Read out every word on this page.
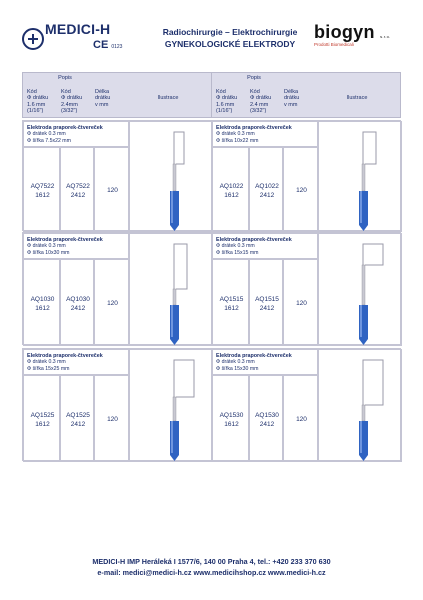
MEDICI-H
CE 0123
Radiochirurgie – Elektrochirurgie
GYNEKOLOGICKÉ ELEKTRODY
biogyn s.r.o.
Prodotti Biomedicali
Popis
Kód
Φ drátku
1.6 mm
(1/16")
Kód
Φ drátku
2.4mm
(3/32")
Délka
drátku
v mm
Ilustrace
Popis
Kód
Φ drátku
1.6 mm
(1/16")
Kód
Φ drátku
2.4 mm
(3/32")
Délka
drátku
v mm
Ilustrace
Elektroda praporek-čtvereček
Φ drátek 0.3 mm
Φ šířka 7.5x22 mm
AQ7522
1612
AQ7522
2412
120
Elektroda praporek-čtvereček
Φ drátek 0.3 mm
Φ šířka 10x22 mm
AQ1022
1612
AQ1022
2412
120
Elektroda praporek-čtvereček
Φ drátek 0.3 mm
Φ šířka 10x30 mm
AQ1030
1612
AQ1030
2412
120
Elektroda praporek-čtvereček
Φ drátek 0.3 mm
Φ šířka 15x15 mm
AQ1515
1612
AQ1515
2412
120
Elektroda praporek-čtvereček
Φ drátek 0.3 mm
Φ šířka 15x25 mm
AQ1525
1612
AQ1525
2412
120
Elektroda praporek-čtvereček
Φ drátek 0.3 mm
Φ šířka 15x30 mm
AQ1530
1612
AQ1530
2412
120
MEDICI-H IMP Heráleká I 1577/6, 140 00 Praha 4, tel.: +420 233 370 630
e-mail: medici@medici-h.cz www.medicihshop.cz www.medici-h.cz
